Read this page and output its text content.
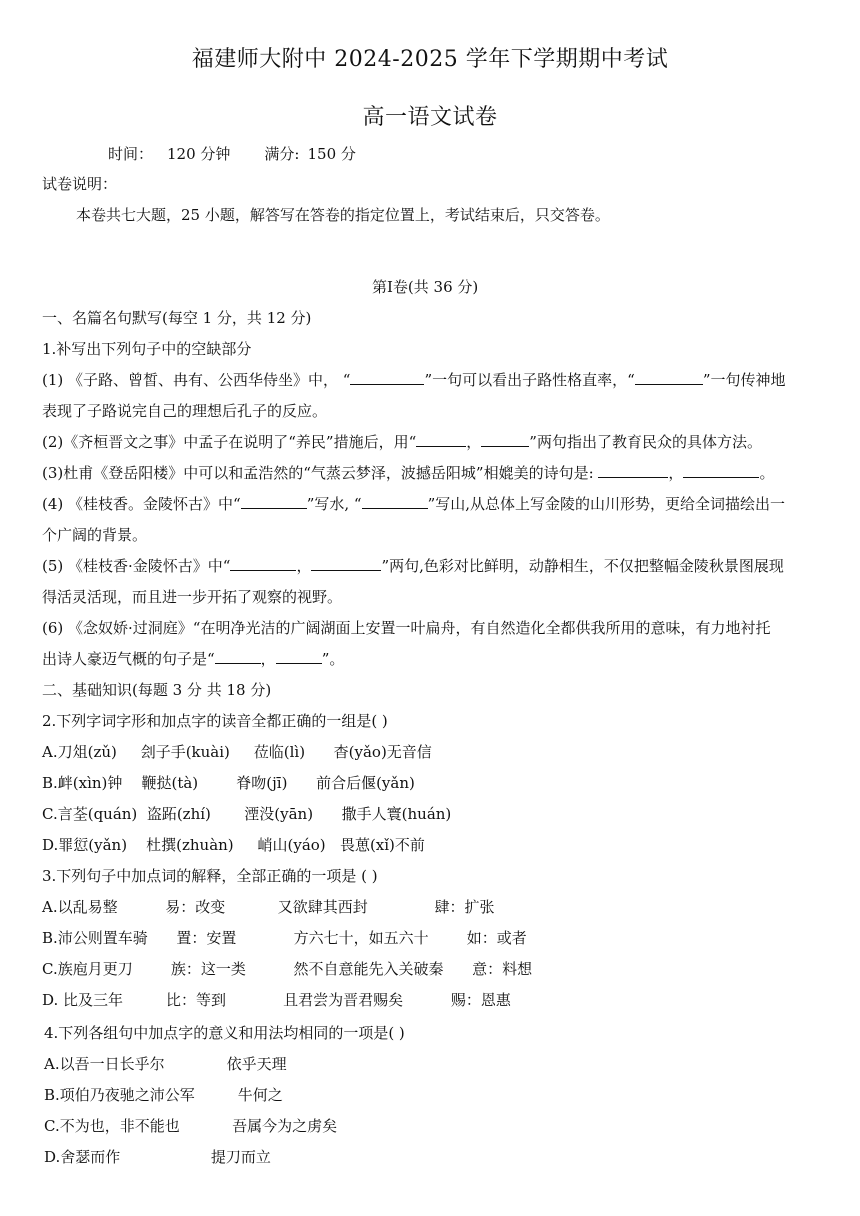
福建师大附中 2024-2025 学年下学期期中考试
高一语文试卷
时间： 120 分钟 满分: 150 分
试卷说明：
本卷共七大题，25 小题，解答写在答卷的指定位置上，考试结束后，只交答卷。
第Ⅰ卷(共 36 分)
一、名篇名句默写(每空 1 分，共 12 分)
1.补写出下列句子中的空缺部分
(1) 《子路、曾皙、冉有、公西华侍坐》中， “	”一句可以看出子路性格直率，“	”一句传神地
表现了子路说完自己的理想后孔子的反应。
(2)《齐桓晋文之事》中孟子在说明了“养民”措施后，用“	，	”两句指出了教育民众的具体方法。
(3)杜甫《登岳阳楼》中可以和孟浩然的“气蒸云梦泽，波撼岳阳城”相媲美的诗句是:	，	。
(4) 《桂枝香。金陵怀古》中“	”写水, “	”写山,从总体上写金陵的山川形势，更给全词描绘出一
个广阔的背景。
(5) 《桂枝香·金陵怀古》中“	，	”两句,色彩对比鲜明，动静相生，不仅把整幅金陵秋景图展现
得活灵活现，而且进一步开拓了观察的视野。
(6) 《念奴娇·过洞庭》“在明净光洁的广阔湖面上安置一叶扁舟，有自然造化全都供我所用的意味，有力地衬托
出诗人豪迈气概的句子是“	，	”。
二、基础知识(每题 3 分 共 18 分)
2.下列字词字形和加点字的读音全都正确的一组是( )
A.刀俎(zǔ)     刽子手(kuài)     莅临(lì)      杳(yǎo)无音信
B.衅(xìn)钟    鞭挞(tà)        脊吻(jī)      前合后偃(yǎn)
C.言荃(quán)  盗跖(zhí)       湮没(yān)      撒手人寰(huán)
D.罪愆(yǎn)    杜撰(zhuàn)     峭山(yáo)   畏葸(xǐ)不前
3.下列句子中加点词的解释，全部正确的一项是 ( )
A.以乱易整          易：改变           又欲肆其西封              肆：扩张
B.沛公则置车骑      置：安置            方六七十，如五六十        如：或者
C.族庖月更刀        族：这一类          然不自意能先入关破秦      意：料想
D. 比及三年         比：等到            且君尝为晋君赐矣          赐：恩惠
4.下列各组句中加点字的意义和用法均相同的一项是( )
A.以吾一日长乎尔             依乎天理
B.项伯乃夜驰之沛公军         牛何之
C.不为也，非不能也           吾属今为之虏矣
D.舍瑟而作                   提刀而立
